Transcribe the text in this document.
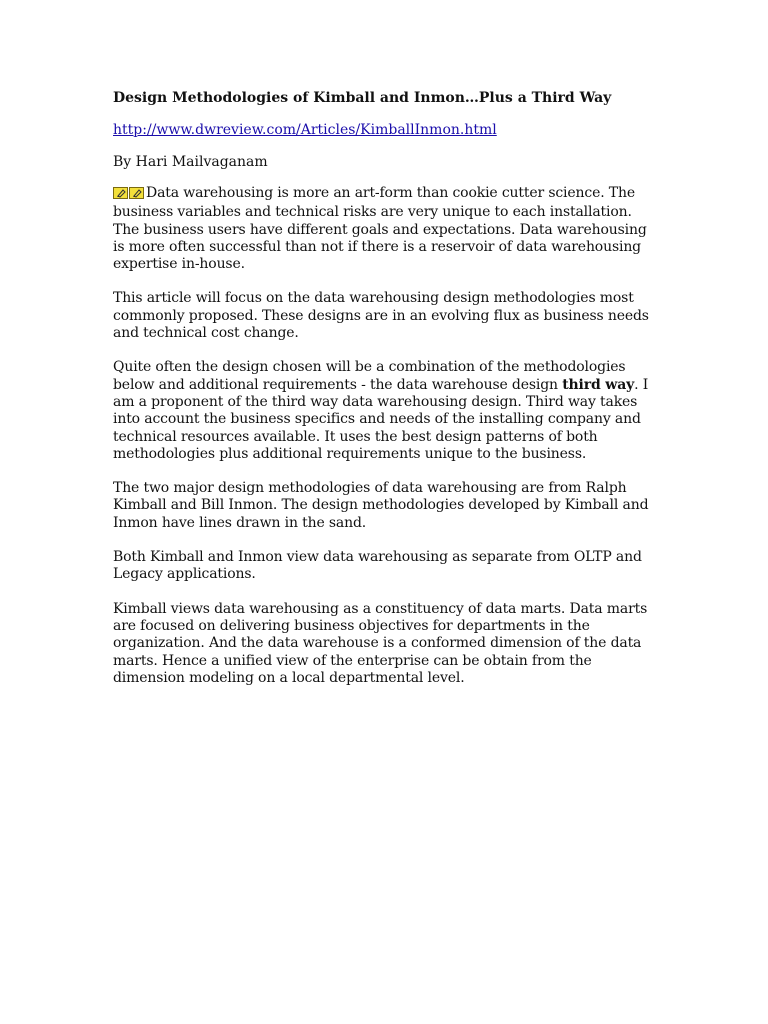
Design Methodologies of Kimball and Inmon…Plus a Third Way
http://www.dwreview.com/Articles/KimballInmon.html
By Hari Mailvaganam

Data warehousing is more an art-form than cookie cutter science. The business variables and technical risks are very unique to each installation. The business users have different goals and expectations. Data warehousing is more often successful than not if there is a reservoir of data warehousing expertise in-house.

This article will focus on the data warehousing design methodologies most commonly proposed. These designs are in an evolving flux as business needs and technical cost change.

Quite often the design chosen will be a combination of the methodologies below and additional requirements - the data warehouse design third way. I am a proponent of the third way data warehousing design. Third way takes into account the business specifics and needs of the installing company and technical resources available. It uses the best design patterns of both methodologies plus additional requirements unique to the business.

The two major design methodologies of data warehousing are from Ralph Kimball and Bill Inmon. The design methodologies developed by Kimball and Inmon have lines drawn in the sand.

Both Kimball and Inmon view data warehousing as separate from OLTP and Legacy applications.

Kimball views data warehousing as a constituency of data marts. Data marts are focused on delivering business objectives for departments in the organization. And the data warehouse is a conformed dimension of the data marts. Hence a unified view of the enterprise can be obtain from the dimension modeling on a local departmental level.
